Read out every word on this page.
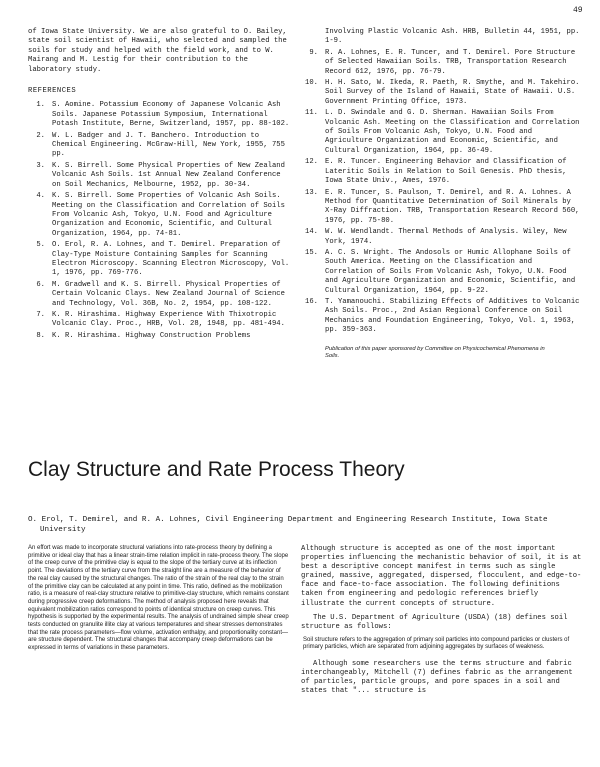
49

of Iowa State University. We are also grateful to O. Bailey, state soil scientist of Hawaii, who selected and sampled the soils for study and helped with the field work, and to W. Mairang and M. Lestig for their contribution to the laboratory study.

REFERENCES

1. S. Aomine. Potassium Economy of Japanese Volcanic Ash Soils. Japanese Potassium Symposium, International Potash Institute, Berne, Switzerland, 1957, pp. 88-102.
2. W. L. Badger and J. T. Banchero. Introduction to Chemical Engineering. McGraw-Hill, New York, 1955, 755 pp.
3. K. S. Birrell. Some Physical Properties of New Zealand Volcanic Ash Soils. 1st Annual New Zealand Conference on Soil Mechanics, Melbourne, 1952, pp. 30-34.
4. K. S. Birrell. Some Properties of Volcanic Ash Soils. Meeting on the Classification and Correlation of Soils From Volcanic Ash, Tokyo, U.N. Food and Agriculture Organization and Economic, Scientific, and Cultural Organization, 1964, pp. 74-81.
5. O. Erol, R. A. Lohnes, and T. Demirel. Preparation of Clay-Type Moisture Containing Samples for Scanning Electron Microscopy. Scanning Electron Microscopy, Vol. 1, 1976, pp. 769-776.
6. M. Gradwell and K. S. Birrell. Physical Properties of Certain Volcanic Clays. New Zealand Journal of Science and Technology, Vol. 36B, No. 2, 1954, pp. 108-122.
7. K. R. Hirashima. Highway Experience With Thixotropic Volcanic Clay. Proc., HRB, Vol. 28, 1948, pp. 481-494.
8. K. R. Hirashima. Highway Construction Problems
Involving Plastic Volcanic Ash. HRB, Bulletin 44, 1951, pp. 1-9.
9. R. A. Lohnes, E. R. Tuncer, and T. Demirel. Pore Structure of Selected Hawaiian Soils. TRB, Transportation Research Record 612, 1976, pp. 76-79.
10. H. H. Sato, W. Ikeda, R. Paeth, R. Smythe, and M. Takehiro. Soil Survey of the Island of Hawaii, State of Hawaii. U.S. Government Printing Office, 1973.
11. L. D. Swindale and G. D. Sherman. Hawaiian Soils From Volcanic Ash. Meeting on the Classification and Correlation of Soils From Volcanic Ash, Tokyo, U.N. Food and Agriculture Organization and Economic, Scientific, and Cultural Organization, 1964, pp. 36-49.
12. E. R. Tuncer. Engineering Behavior and Classification of Lateritic Soils in Relation to Soil Genesis. PhD thesis, Iowa State Univ., Ames, 1976.
13. E. R. Tuncer, S. Paulson, T. Demirel, and R. A. Lohnes. A Method for Quantitative Determination of Soil Minerals by X-Ray Diffraction. TRB, Transportation Research Record 560, 1976, pp. 75-80.
14. W. W. Wendlandt. Thermal Methods of Analysis. Wiley, New York, 1974.
15. A. C. S. Wright. The Andosols or Humic Allophane Soils of South America. Meeting on the Classification and Correlation of Soils From Volcanic Ash, Tokyo, U.N. Food and Agriculture Organization and Economic, Scientific, and Cultural Organization, 1964, pp. 9-22.
16. T. Yamanouchi. Stabilizing Effects of Additives to Volcanic Ash Soils. Proc., 2nd Asian Regional Conference on Soil Mechanics and Foundation Engineering, Tokyo, Vol. 1, 1963, pp. 359-363.
Publication of this paper sponsored by Committee on Physicochemical Phenomena in Soils.
Clay Structure and Rate Process Theory

O. Erol, T. Demirel, and R. A. Lohnes, Civil Engineering Department and Engineering Research Institute, Iowa State University

An effort was made to incorporate structural variations into rate-process theory by defining a primitive or ideal clay that has a linear strain-time relation implicit in rate-process theory. The slope of the creep curve of the primitive clay is equal to the slope of the tertiary curve at its inflection point. The deviations of the tertiary curve from the straight line are a measure of the behavior of the real clay caused by the structural changes. The ratio of the strain of the real clay to the strain of the primitive clay can be calculated at any point in time. This ratio, defined as the mobilization ratio, is a measure of real-clay structure relative to primitive-clay structure, which remains constant during progressive creep deformations. The method of analysis proposed here reveals that equivalent mobilization ratios correspond to points of identical structure on creep curves. This hypothesis is supported by the experimental results. The analysis of undrained simple shear creep tests conducted on granulite illite clay at various temperatures and shear stresses demonstrates that the rate process parameters—flow volume, activation enthalpy, and proportionality constant—are structure dependent. The structural changes that accompany creep deformations can be expressed in terms of variations in these parameters.

Although structure is accepted as one of the most important properties influencing the mechanistic behavior of soil, it is at best a descriptive concept manifest in terms such as single grained, massive, aggregated, dispersed, flocculent, and edge-to-face and face-to-face association. The following definitions taken from engineering and pedologic references briefly illustrate the current concepts of structure.

The U.S. Department of Agriculture (USDA) (18) defines soil structure as follows:

Soil structure refers to the aggregation of primary soil particles into compound particles or clusters of primary particles, which are separated from adjoining aggregates by surfaces of weakness.

Although some researchers use the terms structure and fabric interchangeably, Mitchell (7) defines fabric as the arrangement of particles, particle groups, and pore spaces in a soil and states that "... structure is
